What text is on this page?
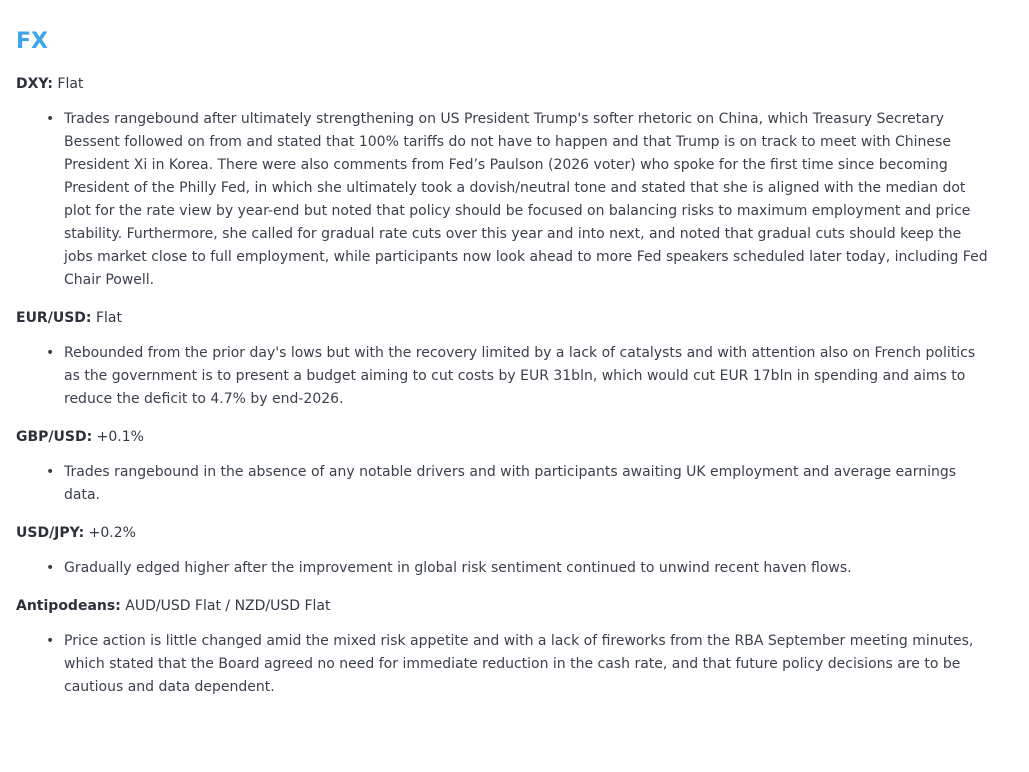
FX
DXY: Flat
• Trades rangebound after ultimately strengthening on US President Trump's softer rhetoric on China, which Treasury Secretary Bessent followed on from and stated that 100% tariffs do not have to happen and that Trump is on track to meet with Chinese President Xi in Korea. There were also comments from Fed’s Paulson (2026 voter) who spoke for the first time since becoming President of the Philly Fed, in which she ultimately took a dovish/neutral tone and stated that she is aligned with the median dot plot for the rate view by year-end but noted that policy should be focused on balancing risks to maximum employment and price stability. Furthermore, she called for gradual rate cuts over this year and into next, and noted that gradual cuts should keep the jobs market close to full employment, while participants now look ahead to more Fed speakers scheduled later today, including Fed Chair Powell.
EUR/USD: Flat
• Rebounded from the prior day's lows but with the recovery limited by a lack of catalysts and with attention also on French politics as the government is to present a budget aiming to cut costs by EUR 31bln, which would cut EUR 17bln in spending and aims to reduce the deficit to 4.7% by end-2026.
GBP/USD: +0.1%
• Trades rangebound in the absence of any notable drivers and with participants awaiting UK employment and average earnings data.
USD/JPY: +0.2%
• Gradually edged higher after the improvement in global risk sentiment continued to unwind recent haven flows.
Antipodeans: AUD/USD Flat / NZD/USD Flat
• Price action is little changed amid the mixed risk appetite and with a lack of fireworks from the RBA September meeting minutes, which stated that the Board agreed no need for immediate reduction in the cash rate, and that future policy decisions are to be cautious and data dependent.
